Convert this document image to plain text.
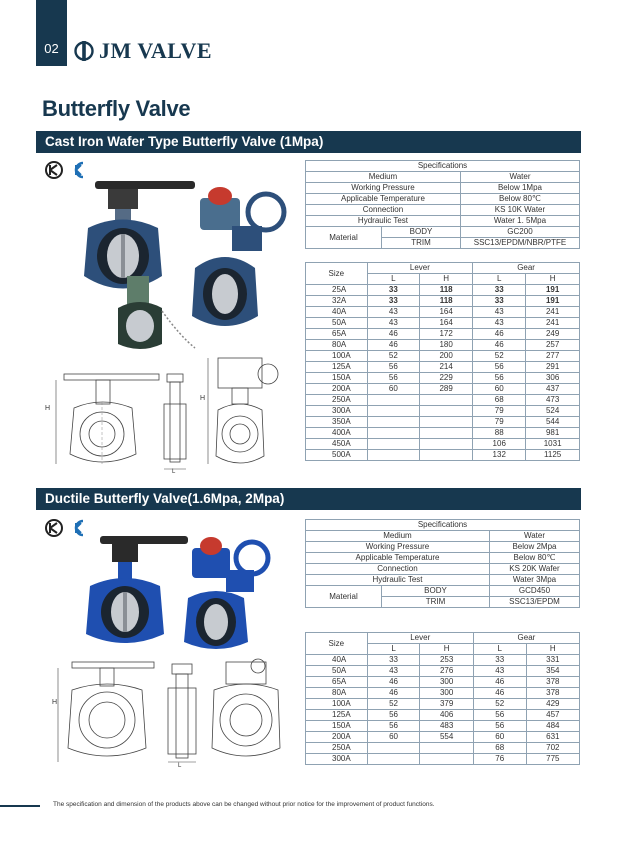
02	JM VALVE
Butterfly Valve
Cast Iron Wafer Type Butterfly Valve (1Mpa)
H
L
H
Specifications		
Medium		Water
Working Pressure		Below 1Mpa
Applicable Temperature		Below 80℃
Connection		KS 10K Water
Hydraulic Test		Water 1. 5Mpa
Material	BODY	GC200
	TRIM	SSC13/EPDM/NBR/PTFE
Size	Lever		Gear	
	L	H	L	H
25A	33	118	33	191
32A	33	118	33	191
40A	43	164	43	241
50A	43	164	43	241
65A	46	172	46	249
80A	46	180	46	257
100A	52	200	52	277
125A	56	214	56	291
150A	56	229	56	306
200A	60	289	60	437
250A			68	473
300A			79	524
350A			79	544
400A			88	981
450A			106	1031
500A			132	1125
Ductile Butterfly Valve(1.6Mpa, 2Mpa)
H
L
Specifications		
Medium		Water
Working Pressure		Below 2Mpa
Applicable Temperature		Below 80℃
Connection		KS 20K Wafer
Hydraulic Test		Water 3Mpa
Material	BODY	GCD450
	TRIM	SSC13/EPDM
Size	Lever		Gear	
	L	H	L	H
40A	33	253	33	331
50A	43	276	43	354
65A	46	300	46	378
80A	46	300	46	378
100A	52	379	52	429
125A	56	406	56	457
150A	56	483	56	484
200A	60	554	60	631
250A			68	702
300A			76	775
The specification and dimension of the products above can be changed without prior notice for the improvement of product functions.
